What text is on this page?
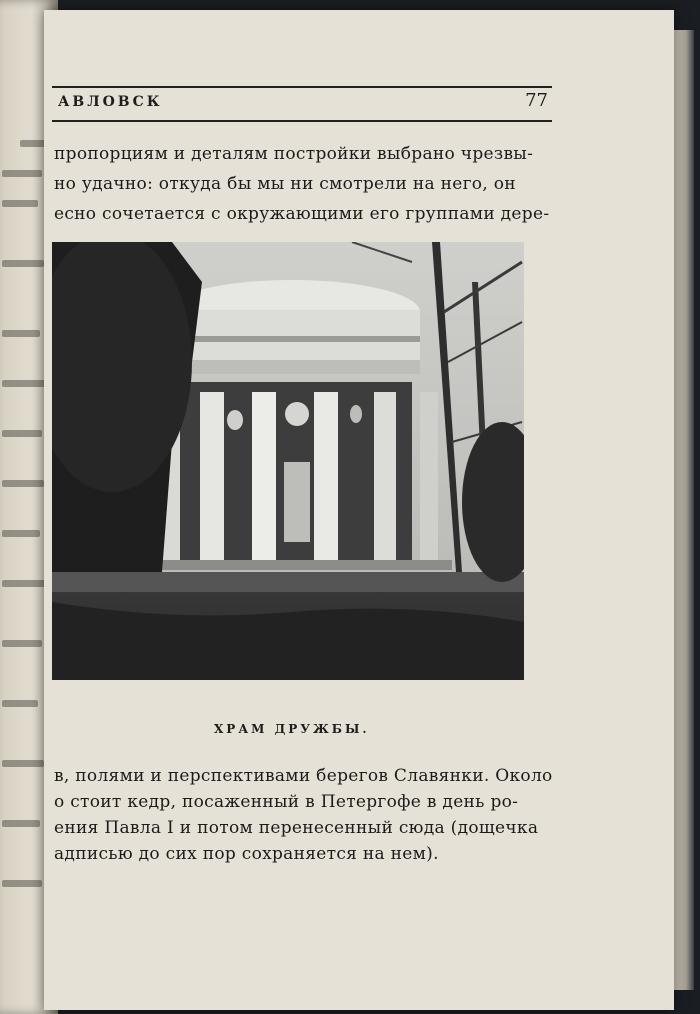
АВЛОВСК	77
пропорциям и деталям постройки выбрано чрезвы-
но удачно: откуда бы мы ни смотрели на него, он
есно сочетается с окружающими его группами дере-
ХРАМ ДРУЖБЫ.
в, полями и перспективами берегов Славянки. Около
о стоит кедр, посаженный в Петергофе в день ро-
ения Павла I и потом перенесенный сюда (дощечка
адписью до сих пор сохраняется на нем).
